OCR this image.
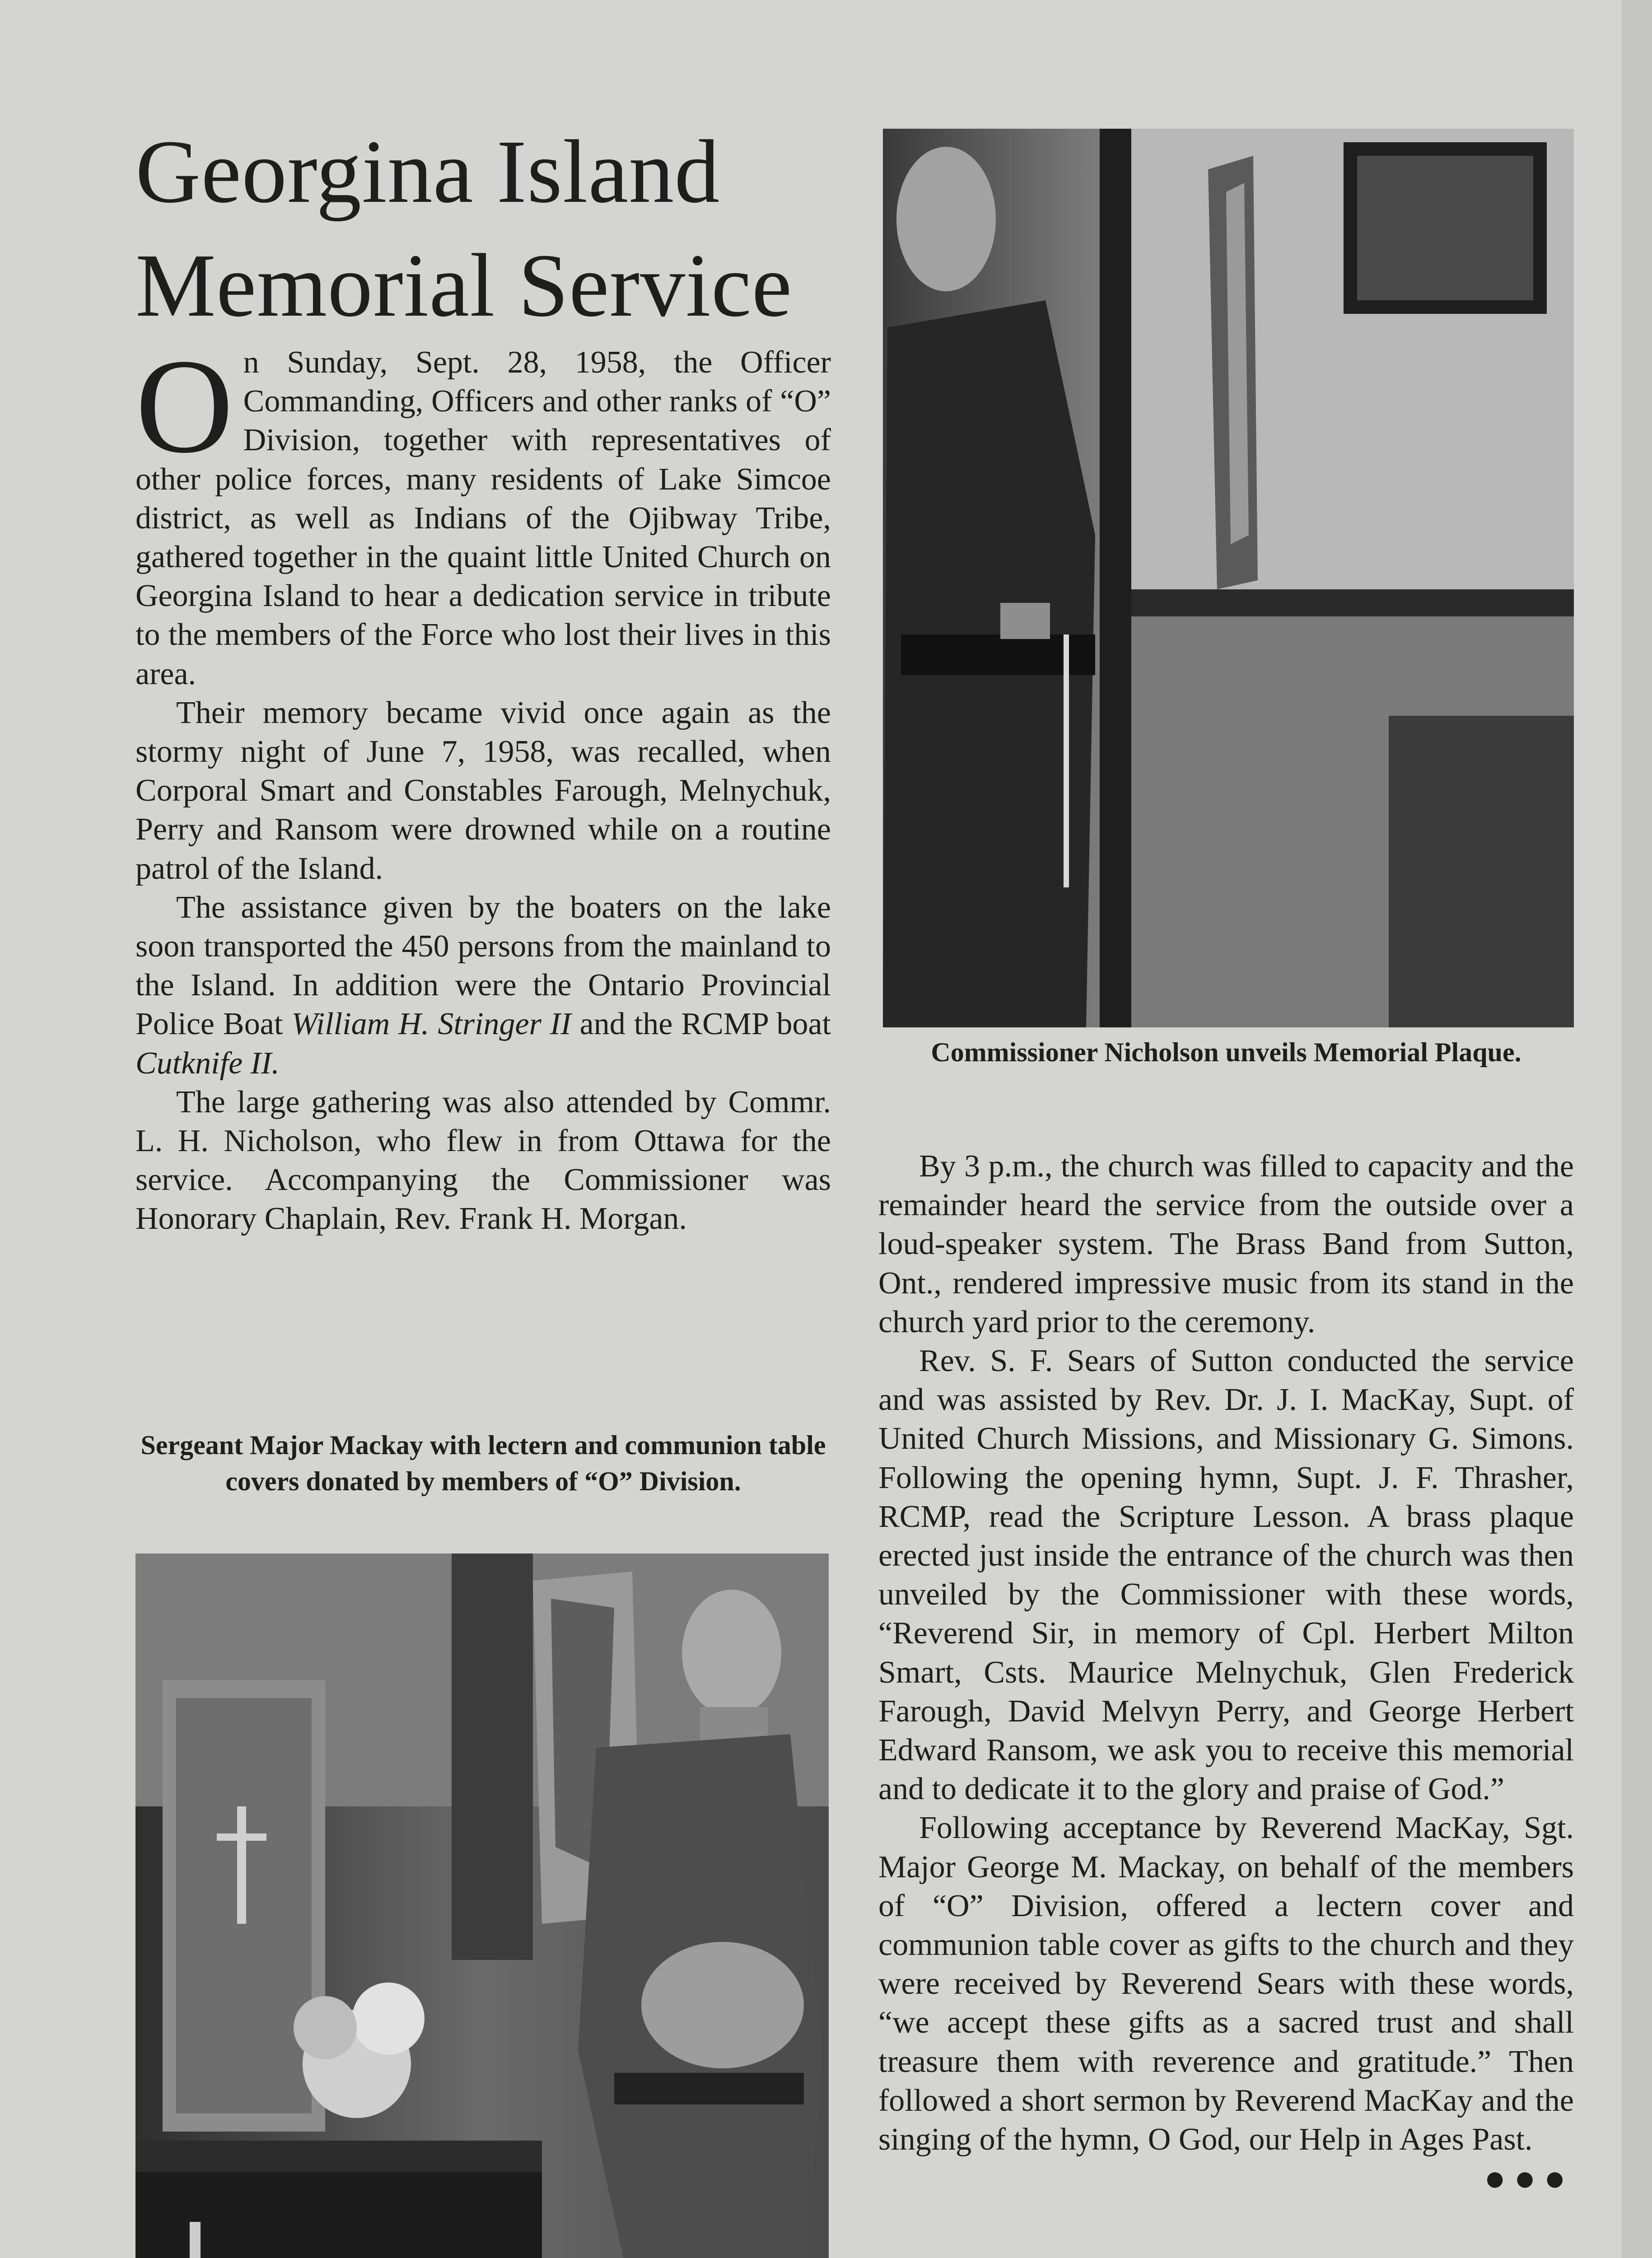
Georgina Island
Memorial Service

On Sunday, Sept. 28, 1958, the Officer Commanding, Officers and other ranks of “O” Division, together with representatives of other police forces, many residents of Lake Simcoe district, as well as Indians of the Ojibway Tribe, gathered together in the quaint little United Church on Georgina Island to hear a dedication service in tribute to the members of the Force who lost their lives in this area.

Their memory became vivid once again as the stormy night of June 7, 1958, was recalled, when Corporal Smart and Constables Farough, Melnychuk, Perry and Ransom were drowned while on a routine patrol of the Island.

The assistance given by the boaters on the lake soon transported the 450 persons from the mainland to the Island. In addition were the Ontario Provincial Police Boat William H. Stringer II and the RCMP boat Cutknife II.

The large gathering was also attended by Commr. L. H. Nicholson, who flew in from Ottawa for the service. Accompanying the Commissioner was Honorary Chaplain, Rev. Frank H. Morgan.

Sergeant Major Mackay with lectern and communion table covers donated by members of “O” Division.
Commissioner Nicholson unveils Memorial Plaque.

By 3 p.m., the church was filled to capacity and the remainder heard the service from the outside over a loud-speaker system. The Brass Band from Sutton, Ont., rendered impressive music from its stand in the church yard prior to the ceremony.

Rev. S. F. Sears of Sutton conducted the service and was assisted by Rev. Dr. J. I. MacKay, Supt. of United Church Missions, and Missionary G. Simons. Following the opening hymn, Supt. J. F. Thrasher, RCMP, read the Scripture Lesson. A brass plaque erected just inside the entrance of the church was then unveiled by the Commissioner with these words, “Reverend Sir, in memory of Cpl. Herbert Milton Smart, Csts. Maurice Melnychuk, Glen Frederick Farough, David Melvyn Perry, and George Herbert Edward Ransom, we ask you to receive this memorial and to dedicate it to the glory and praise of God.”

Following acceptance by Reverend MacKay, Sgt. Major George M. Mackay, on behalf of the members of “O” Division, offered a lectern cover and communion table cover as gifts to the church and they were received by Reverend Sears with these words, “we accept these gifts as a sacred trust and shall treasure them with reverence and gratitude.” Then followed a short sermon by Reverend MacKay and the singing of the hymn, O God, our Help in Ages Past.
●●●
